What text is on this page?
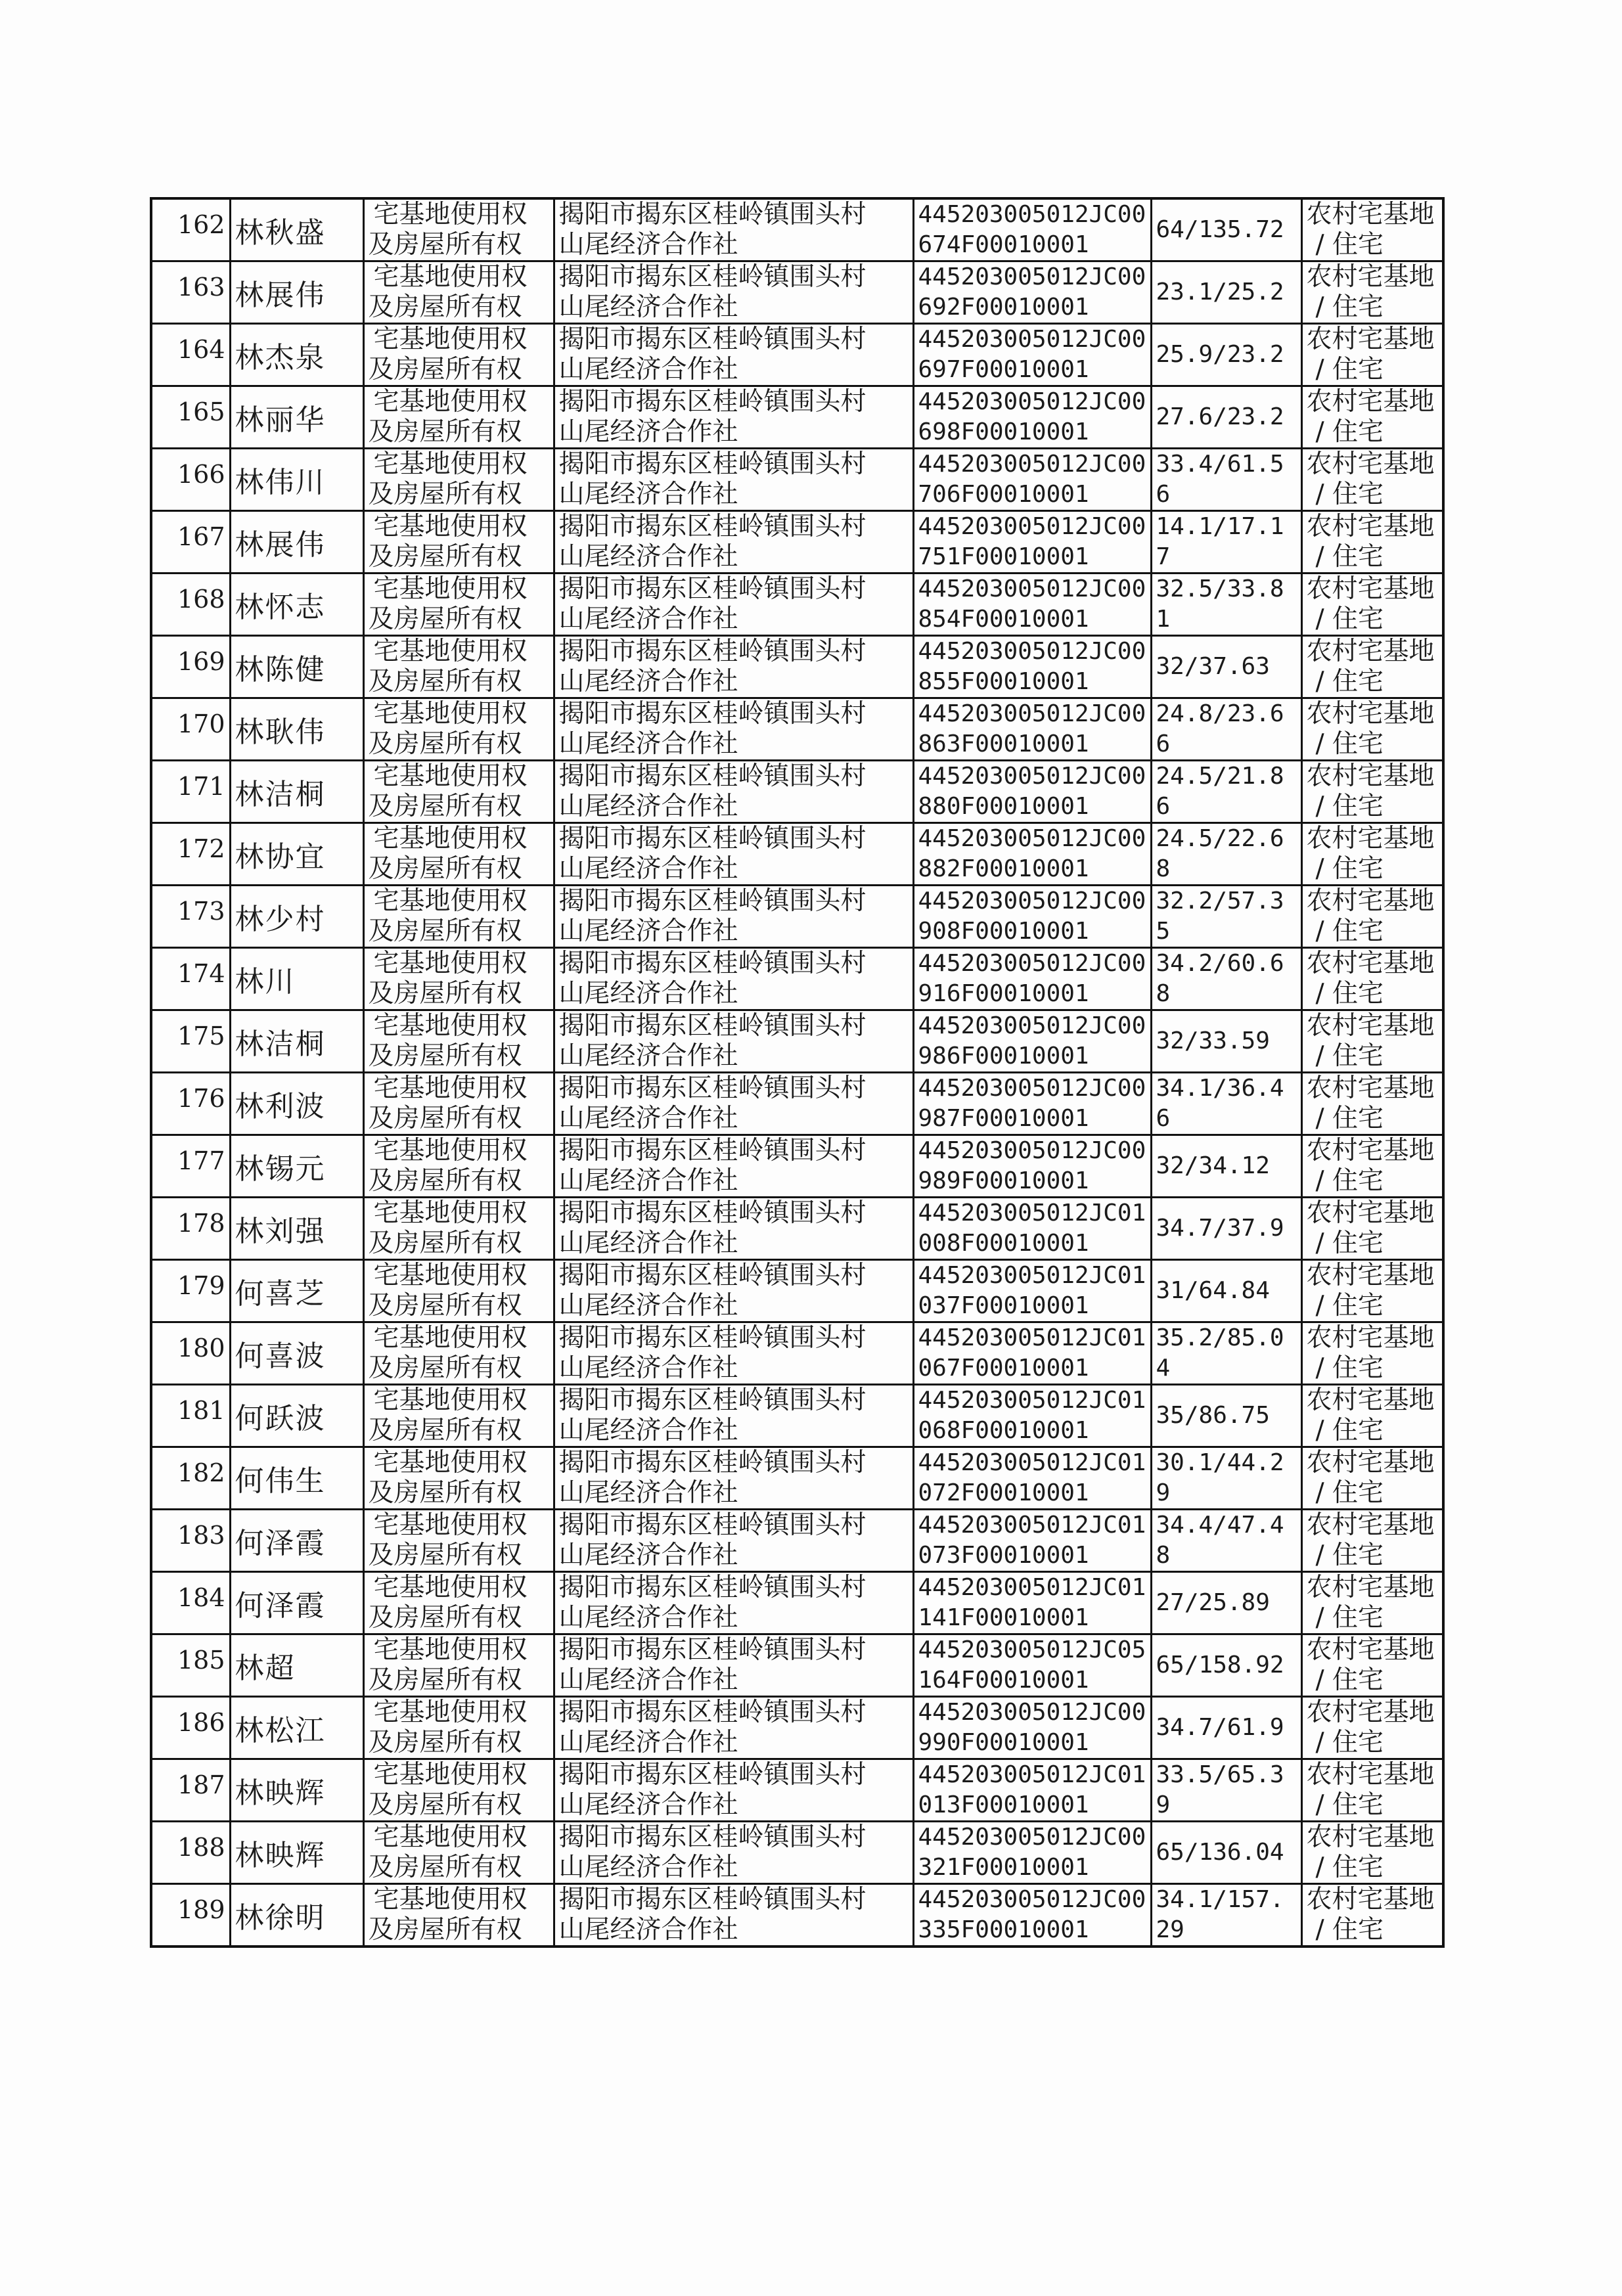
162	林秋盛	宅基地使用权
及房屋所有权	揭阳市揭东区桂岭镇围头村
山尾经济合作社	445203005012JC00
674F00010001	64/135.72	农村宅基地
/ 住宅

163	林展伟	宅基地使用权
及房屋所有权	揭阳市揭东区桂岭镇围头村
山尾经济合作社	445203005012JC00
692F00010001	23.1/25.2	农村宅基地
/ 住宅

164	林杰泉	宅基地使用权
及房屋所有权	揭阳市揭东区桂岭镇围头村
山尾经济合作社	445203005012JC00
697F00010001	25.9/23.2	农村宅基地
/ 住宅

165	林丽华	宅基地使用权
及房屋所有权	揭阳市揭东区桂岭镇围头村
山尾经济合作社	445203005012JC00
698F00010001	27.6/23.2	农村宅基地
/ 住宅

166	林伟川	宅基地使用权
及房屋所有权	揭阳市揭东区桂岭镇围头村
山尾经济合作社	445203005012JC00
706F00010001	33.4/61.5
6	农村宅基地
/ 住宅

167	林展伟	宅基地使用权
及房屋所有权	揭阳市揭东区桂岭镇围头村
山尾经济合作社	445203005012JC00
751F00010001	14.1/17.1
7	农村宅基地
/ 住宅

168	林怀志	宅基地使用权
及房屋所有权	揭阳市揭东区桂岭镇围头村
山尾经济合作社	445203005012JC00
854F00010001	32.5/33.8
1	农村宅基地
/ 住宅

169	林陈健	宅基地使用权
及房屋所有权	揭阳市揭东区桂岭镇围头村
山尾经济合作社	445203005012JC00
855F00010001	32/37.63	农村宅基地
/ 住宅

170	林耿伟	宅基地使用权
及房屋所有权	揭阳市揭东区桂岭镇围头村
山尾经济合作社	445203005012JC00
863F00010001	24.8/23.6
6	农村宅基地
/ 住宅

171	林洁桐	宅基地使用权
及房屋所有权	揭阳市揭东区桂岭镇围头村
山尾经济合作社	445203005012JC00
880F00010001	24.5/21.8
6	农村宅基地
/ 住宅

172	林协宜	宅基地使用权
及房屋所有权	揭阳市揭东区桂岭镇围头村
山尾经济合作社	445203005012JC00
882F00010001	24.5/22.6
8	农村宅基地
/ 住宅

173	林少村	宅基地使用权
及房屋所有权	揭阳市揭东区桂岭镇围头村
山尾经济合作社	445203005012JC00
908F00010001	32.2/57.3
5	农村宅基地
/ 住宅

174	林川	宅基地使用权
及房屋所有权	揭阳市揭东区桂岭镇围头村
山尾经济合作社	445203005012JC00
916F00010001	34.2/60.6
8	农村宅基地
/ 住宅

175	林洁桐	宅基地使用权
及房屋所有权	揭阳市揭东区桂岭镇围头村
山尾经济合作社	445203005012JC00
986F00010001	32/33.59	农村宅基地
/ 住宅

176	林利波	宅基地使用权
及房屋所有权	揭阳市揭东区桂岭镇围头村
山尾经济合作社	445203005012JC00
987F00010001	34.1/36.4
6	农村宅基地
/ 住宅

177	林锡元	宅基地使用权
及房屋所有权	揭阳市揭东区桂岭镇围头村
山尾经济合作社	445203005012JC00
989F00010001	32/34.12	农村宅基地
/ 住宅

178	林刘强	宅基地使用权
及房屋所有权	揭阳市揭东区桂岭镇围头村
山尾经济合作社	445203005012JC01
008F00010001	34.7/37.9	农村宅基地
/ 住宅

179	何喜芝	宅基地使用权
及房屋所有权	揭阳市揭东区桂岭镇围头村
山尾经济合作社	445203005012JC01
037F00010001	31/64.84	农村宅基地
/ 住宅

180	何喜波	宅基地使用权
及房屋所有权	揭阳市揭东区桂岭镇围头村
山尾经济合作社	445203005012JC01
067F00010001	35.2/85.0
4	农村宅基地
/ 住宅

181	何跃波	宅基地使用权
及房屋所有权	揭阳市揭东区桂岭镇围头村
山尾经济合作社	445203005012JC01
068F00010001	35/86.75	农村宅基地
/ 住宅

182	何伟生	宅基地使用权
及房屋所有权	揭阳市揭东区桂岭镇围头村
山尾经济合作社	445203005012JC01
072F00010001	30.1/44.2
9	农村宅基地
/ 住宅

183	何泽霞	宅基地使用权
及房屋所有权	揭阳市揭东区桂岭镇围头村
山尾经济合作社	445203005012JC01
073F00010001	34.4/47.4
8	农村宅基地
/ 住宅

184	何泽霞	宅基地使用权
及房屋所有权	揭阳市揭东区桂岭镇围头村
山尾经济合作社	445203005012JC01
141F00010001	27/25.89	农村宅基地
/ 住宅

185	林超	宅基地使用权
及房屋所有权	揭阳市揭东区桂岭镇围头村
山尾经济合作社	445203005012JC05
164F00010001	65/158.92	农村宅基地
/ 住宅

186	林松江	宅基地使用权
及房屋所有权	揭阳市揭东区桂岭镇围头村
山尾经济合作社	445203005012JC00
990F00010001	34.7/61.9	农村宅基地
/ 住宅

187	林映辉	宅基地使用权
及房屋所有权	揭阳市揭东区桂岭镇围头村
山尾经济合作社	445203005012JC01
013F00010001	33.5/65.3
9	农村宅基地
/ 住宅

188	林映辉	宅基地使用权
及房屋所有权	揭阳市揭东区桂岭镇围头村
山尾经济合作社	445203005012JC00
321F00010001	65/136.04	农村宅基地
/ 住宅

189	林徐明	宅基地使用权
及房屋所有权	揭阳市揭东区桂岭镇围头村
山尾经济合作社	445203005012JC00
335F00010001	34.1/157.
29	农村宅基地
/ 住宅
